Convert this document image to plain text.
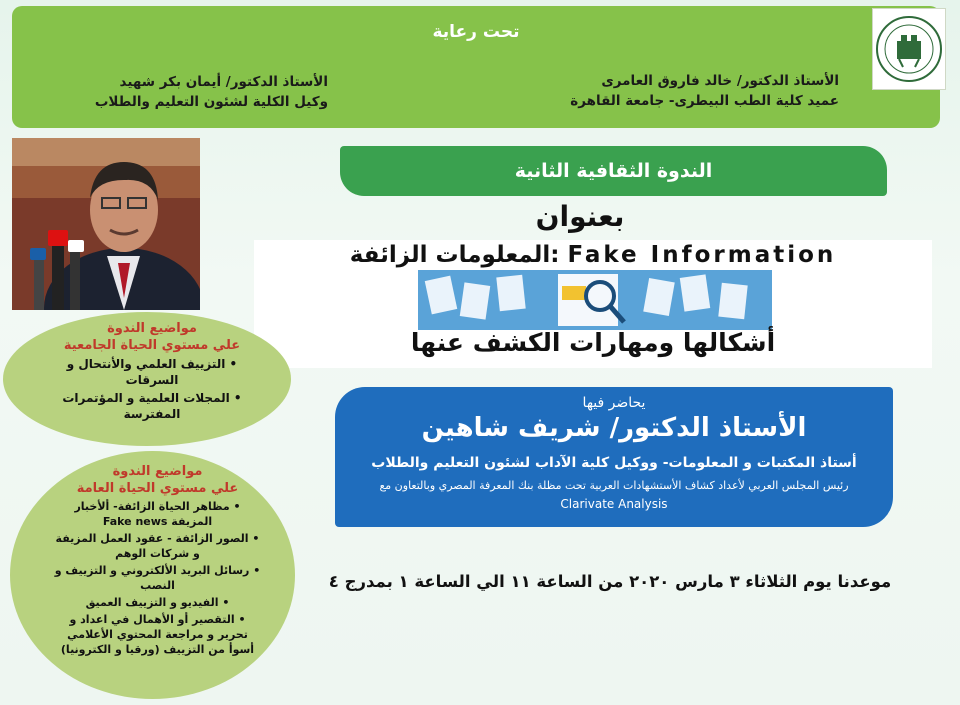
تحت رعاية
الأستاذ الدكتور/ خالد فاروق العامرى
عميد كلية الطب البيطرى- جامعة القاهرة
الأستاذ الدكتور/ أيمان بكر شهيد
وكيل الكلية لشئون التعليم والطلاب
الندوة الثقافية الثانية
بعنوان
المعلومات الزائفة: Fake Information
أشكالها ومهارات الكشف عنها
يحاضر فيها
الأستاذ الدكتور/ شريف شاهين
أستاذ المكتبات و المعلومات- ووكيل كلية الآداب لشئون التعليم والطلاب
رئيس المجلس العربي لأعداد كشاف الأستشهادات العربية تحت مظلة بنك المعرفة المصري وبالتعاون مع
Clarivate Analysis
موعدنا يوم الثلاثاء ٣ مارس ٢٠٢٠ من الساعة ١١ الي الساعة ١ بمدرج ٤
مواضيع الندوة
علي مستوي الحياة الجامعية
• التزييف العلمي والأنتحال و السرقات
• المجلات العلمية و المؤتمرات المفترسة
مواضيع الندوة
علي مستوي الحياة العامة
• مظاهر الحياة الزائفة- ألأخبار المزيفة Fake news
• الصور الزائفة - عقود العمل المزيفة و شركات الوهم
• رسائل البريد الألكتروني و التزييف و النصب
• الفيديو و التزييف العميق
• التقصير أو الأهمال في اعداد و تحرير و مراجعة المحتوي الأعلامي أسوأ من التزييف (ورقيا و الكترونيا)
